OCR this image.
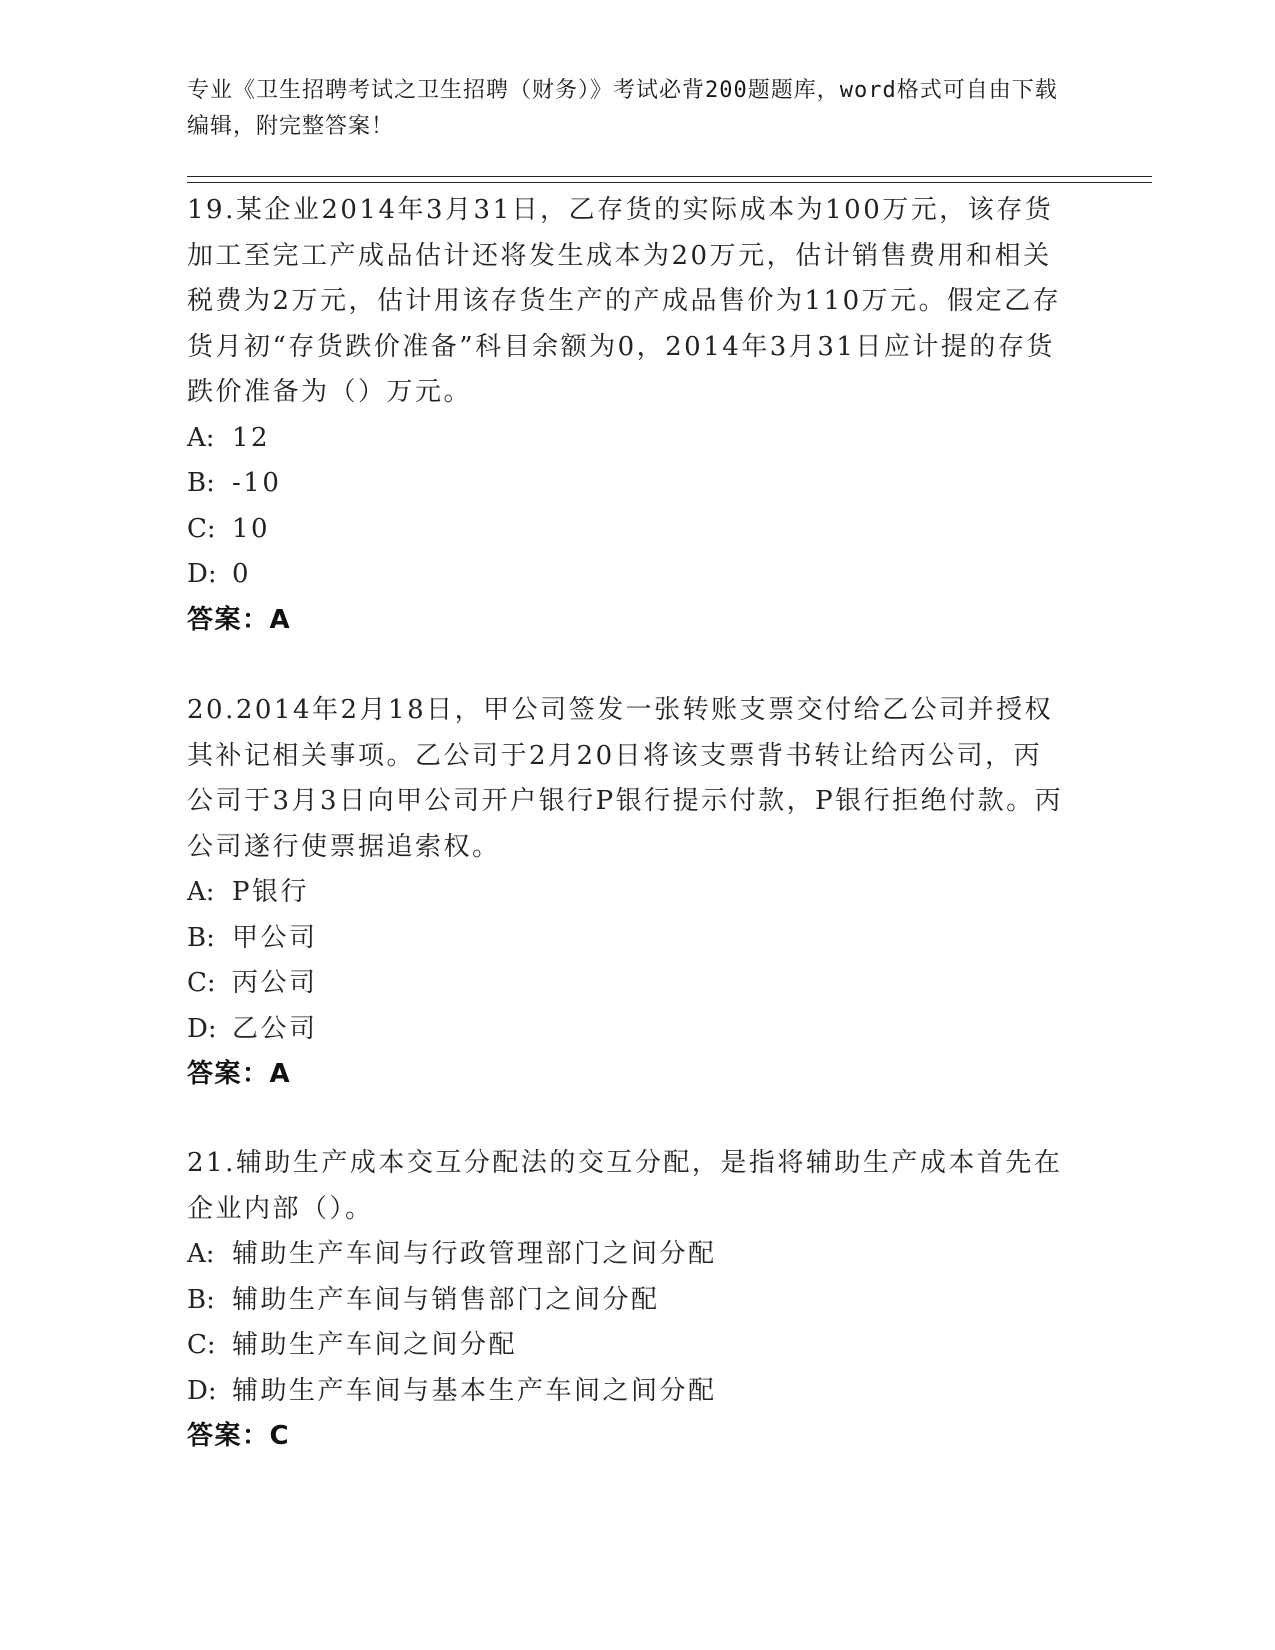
专业《卫生招聘考试之卫生招聘（财务）》考试必背200题题库，word格式可自由下载编辑，附完整答案！

19.某企业2014年3月31日，乙存货的实际成本为100万元，该存货加工至完工产成品估计还将发生成本为20万元，估计销售费用和相关税费为2万元，估计用该存货生产的产成品售价为110万元。假定乙存货月初“存货跌价准备”科目余额为0，2014年3月31日应计提的存货跌价准备为（）万元。

A: 12
B: -10
C: 10
D: 0
答案：A

20.2014年2月18日，甲公司签发一张转账支票交付给乙公司并授权其补记相关事项。乙公司于2月20日将该支票背书转让给丙公司，丙公司于3月3日向甲公司开户银行P银行提示付款，P银行拒绝付款。丙公司遂行使票据追索权。

A: P银行
B: 甲公司
C: 丙公司
D: 乙公司
答案：A

21.辅助生产成本交互分配法的交互分配，是指将辅助生产成本首先在企业内部（）。

A: 辅助生产车间与行政管理部门之间分配
B: 辅助生产车间与销售部门之间分配
C: 辅助生产车间之间分配
D: 辅助生产车间与基本生产车间之间分配
答案：C
